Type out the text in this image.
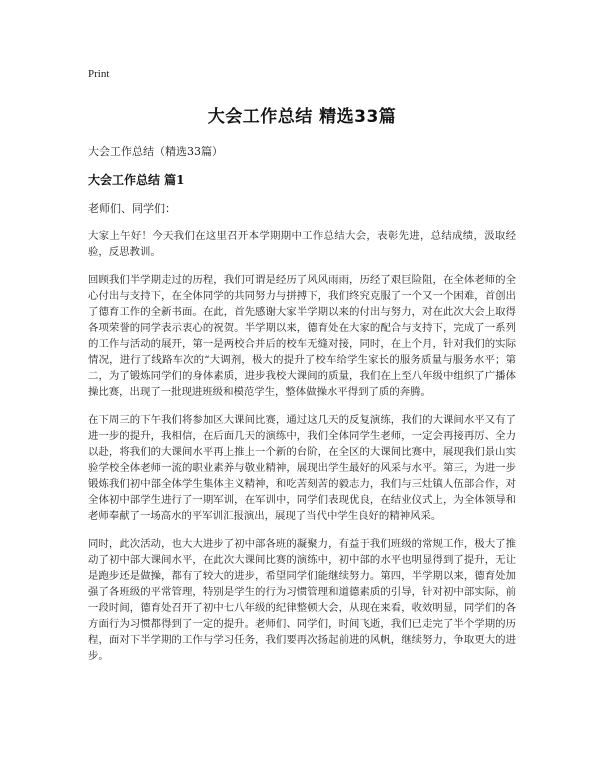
Print
大会工作总结 精选33篇
大会工作总结（精选33篇）
大会工作总结 篇1
老师们、同学们：

大家上午好！今天我们在这里召开本学期期中工作总结大会，表彰先进，总结成绩，汲取经验，反思教训。

回顾我们半学期走过的历程，我们可谓是经历了风风雨雨，历经了艰巨险阻，在全体老师的全心付出与支持下，在全体同学的共同努力与拼搏下，我们终究克服了一个又一个困难，首创出了德育工作的全新书面。在此，首先感谢大家半学期以来的付出与努力，对在此次大会上取得各项荣誉的同学表示衷心的祝贺。半学期以来，德育处在大家的配合与支持下，完成了一系列的工作与活动的展开，第一是两校合并后的校车无缝对接，同时，在上个月，针对我们的实际情况，进行了线路车次的“大调剂，极大的提升了校车给学生家长的服务质量与服务水平；第二，为了锻炼同学们的身体素质，进步我校大课间的质量，我们在上至八年级中组织了广播体操比赛，出现了一批现进班级和模范学生，整体做操水平得到了质的奔腾。

在下周三的下午我们将参加区大课间比赛，通过这几天的反复演练，我们的大课间水平又有了进一步的提升，我相信，在后面几天的演练中，我们全体同学生老师，一定会再接再厉、全力以赴，将我们的大课间水平再上推上一个新的台阶，在全区的大课间比赛中，展现我们景山实验学校全体老师一流的职业素养与敬业精神，展现出学生最好的风采与水平。第三，为进一步锻炼我们初中部全体学生集体主义精神，和吃苦刻苦的毅志力，我们与三灶镇人伍部合作，对全体初中部学生进行了一期军训，在军训中，同学们表现优良，在结业仪式上，为全体领导和老师奉献了一场高水的平军训汇报演出，展现了当代中学生良好的精神风采。

同时，此次活动，也大大进步了初中部各班的凝聚力，有益于我们班级的常规工作，极大了推动了初中部大课间水平，在此次大课间比赛的演练中，初中部的水平也明显得到了提升，无让是跑步还是做操，都有了较大的进步，希望同学们能继续努力。第四，半学期以来，德育处加强了各班级的平常管理，特别是学生的行为习惯管理和道德素质的引导，针对初中部实际，前一段时间，德育处召开了初中七八年级的纪律整顿大会，从现在来看，收效明显，同学们的各方面行为习惯都得到了一定的提升。老师们、同学们，时间飞逝，我们已走完了半个学期的历程，面对下半学期的工作与学习任务，我们要再次扬起前进的风帆，继续努力，争取更大的进步。
